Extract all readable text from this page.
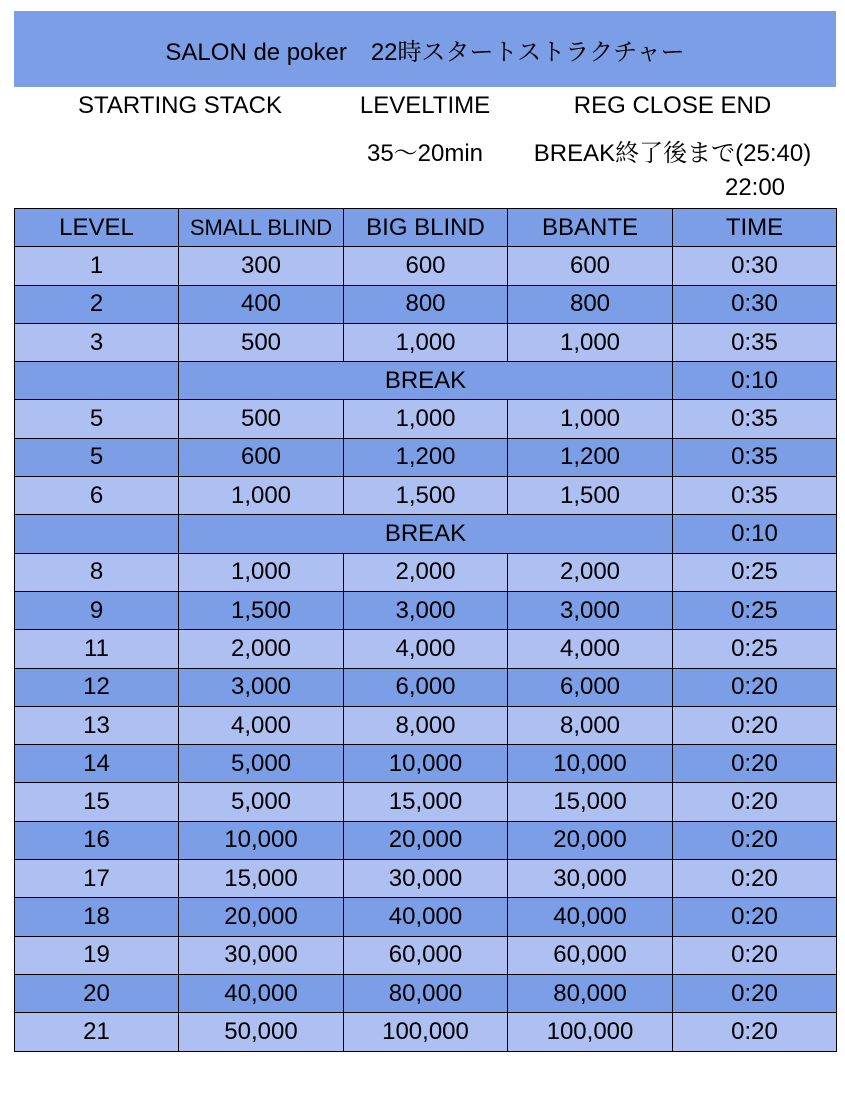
SALON de poker　22時スタートストラクチャー
STARTING STACK	LEVELTIME	REG CLOSE END
35〜20min	BREAK終了後まで(25:40)
22:00
LEVEL	SMALL BLIND	BIG BLIND	BBANTE	TIME
1	300	600	600	0:30
2	400	800	800	0:30
3	500	1,000	1,000	0:35
	BREAK			0:10
5	500	1,000	1,000	0:35
5	600	1,200	1,200	0:35
6	1,000	1,500	1,500	0:35
	BREAK			0:10
8	1,000	2,000	2,000	0:25
9	1,500	3,000	3,000	0:25
11	2,000	4,000	4,000	0:25
12	3,000	6,000	6,000	0:20
13	4,000	8,000	8,000	0:20
14	5,000	10,000	10,000	0:20
15	5,000	15,000	15,000	0:20
16	10,000	20,000	20,000	0:20
17	15,000	30,000	30,000	0:20
18	20,000	40,000	40,000	0:20
19	30,000	60,000	60,000	0:20
20	40,000	80,000	80,000	0:20
21	50,000	100,000	100,000	0:20
